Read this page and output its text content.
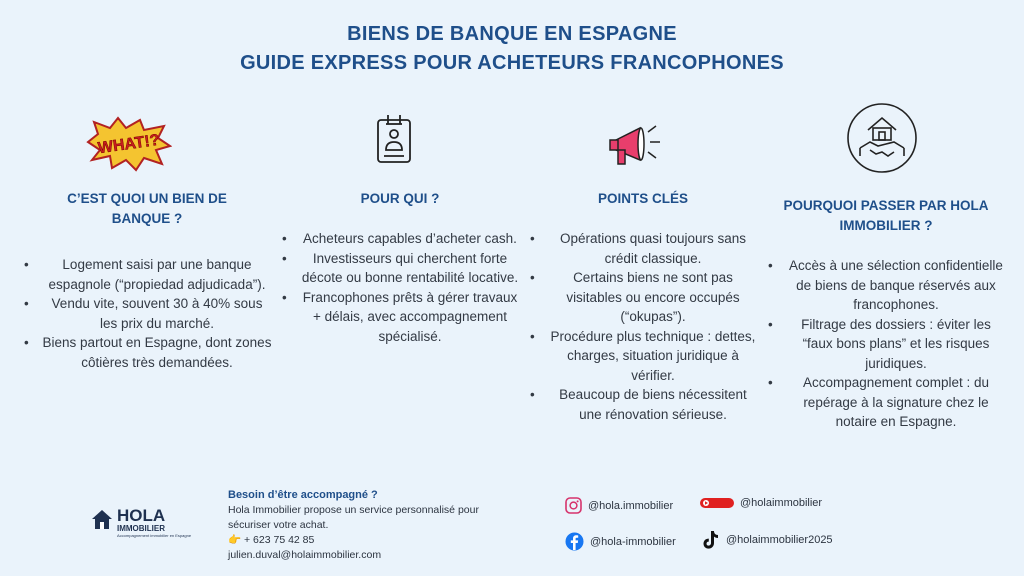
BIENS DE BANQUE EN ESPAGNE
GUIDE EXPRESS POUR ACHETEURS FRANCOPHONES
WHAT!?
C’EST QUOI UN BIEN DE BANQUE ?
• Logement saisi par une banque espagnole (“propiedad adjudicada”).
• Vendu vite, souvent 30 à 40% sous les prix du marché.
• Biens partout en Espagne, dont zones côtières très demandées.
POUR QUI ?
• Acheteurs capables d’acheter cash.
• Investisseurs qui cherchent forte décote ou bonne rentabilité locative.
• Francophones prêts à gérer travaux + délais, avec accompagnement spécialisé.
POINTS CLÉS
• Opérations quasi toujours sans crédit classique.
• Certains biens ne sont pas visitables ou encore occupés (“okupas”).
• Procédure plus technique : dettes, charges, situation juridique à vérifier.
• Beaucoup de biens nécessitent une rénovation sérieuse.
POURQUOI PASSER PAR HOLA IMMOBILIER ?
• Accès à une sélection confidentielle de biens de banque réservés aux francophones.
• Filtrage des dossiers : éviter les “faux bons plans” et les risques juridiques.
• Accompagnement complet : du repérage à la signature chez le notaire en Espagne.
HOLA
IMMOBILIER
Accompagnement immobilier en Espagne
Besoin d’être accompagné ?
Hola Immobilier propose un service personnalisé pour
sécuriser votre achat.
👉 + 623 75 42 85
julien.duval@holaimmobilier.com
@hola.immobilier	@holaimmobilier
@hola-immobilier	@holaimmobilier2025
